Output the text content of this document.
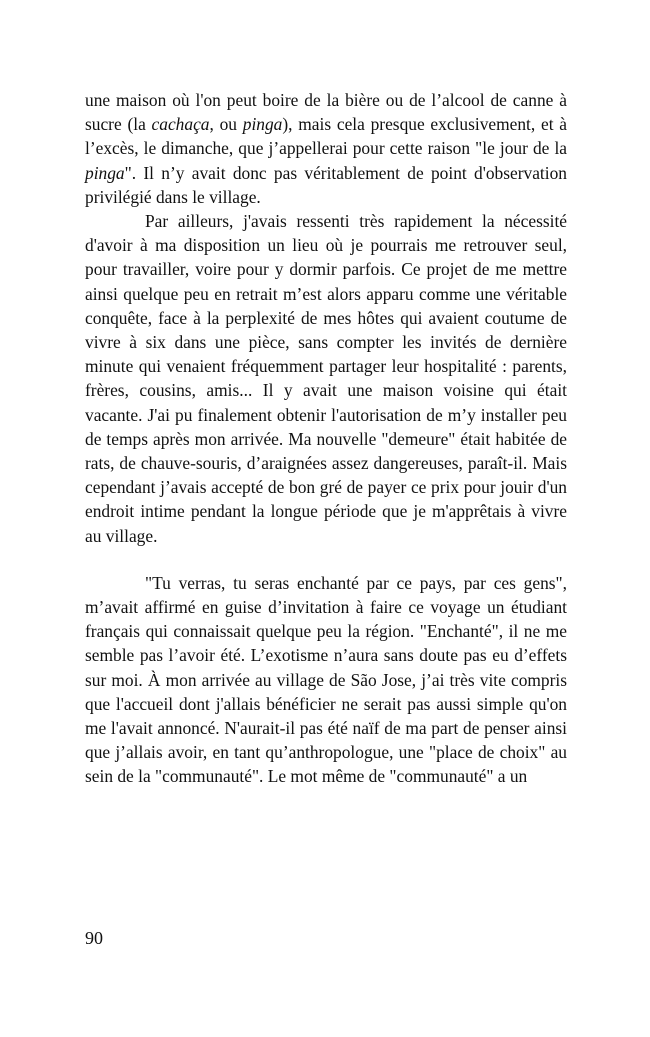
une maison où l'on peut boire de la bière ou de l’alcool de canne à sucre (la cachaça, ou pinga), mais cela presque exclusivement, et à l’excès, le dimanche, que j’appellerai pour cette raison "le jour de la pinga". Il n’y avait donc pas véritablement de point d'observation privilégié dans le village.

Par ailleurs, j'avais ressenti très rapidement la nécessité d'avoir à ma disposition un lieu où je pourrais me retrouver seul, pour travailler, voire pour y dormir parfois. Ce projet de me mettre ainsi quelque peu en retrait m’est alors apparu comme une véritable conquête, face à la perplexité de mes hôtes qui avaient coutume de vivre à six dans une pièce, sans compter les invités de dernière minute qui venaient fréquemment partager leur hospitalité : parents, frères, cousins, amis... Il y avait une maison voisine qui était vacante. J'ai pu finalement obtenir l'autorisation de m’y installer peu de temps après mon arrivée. Ma nouvelle "demeure" était habitée de rats, de chauve-souris, d’araignées assez dangereuses, paraît-il. Mais cependant j’avais accepté de bon gré de payer ce prix pour jouir d'un endroit intime pendant la longue période que je m'apprêtais à vivre au village.

"Tu verras, tu seras enchanté par ce pays, par ces gens", m’avait affirmé en guise d’invitation à faire ce voyage un étudiant français qui connaissait quelque peu la région. "Enchanté", il ne me semble pas l’avoir été. L’exotisme n’aura sans doute pas eu d’effets sur moi. À mon arrivée au village de São Jose, j’ai très vite compris que l'accueil dont j'allais bénéficier ne serait pas aussi simple qu'on me l'avait annoncé. N'aurait-il pas été naïf de ma part de penser ainsi que j’allais avoir, en tant qu’anthropologue, une "place de choix" au sein de la "communauté". Le mot même de "communauté" a un

90
